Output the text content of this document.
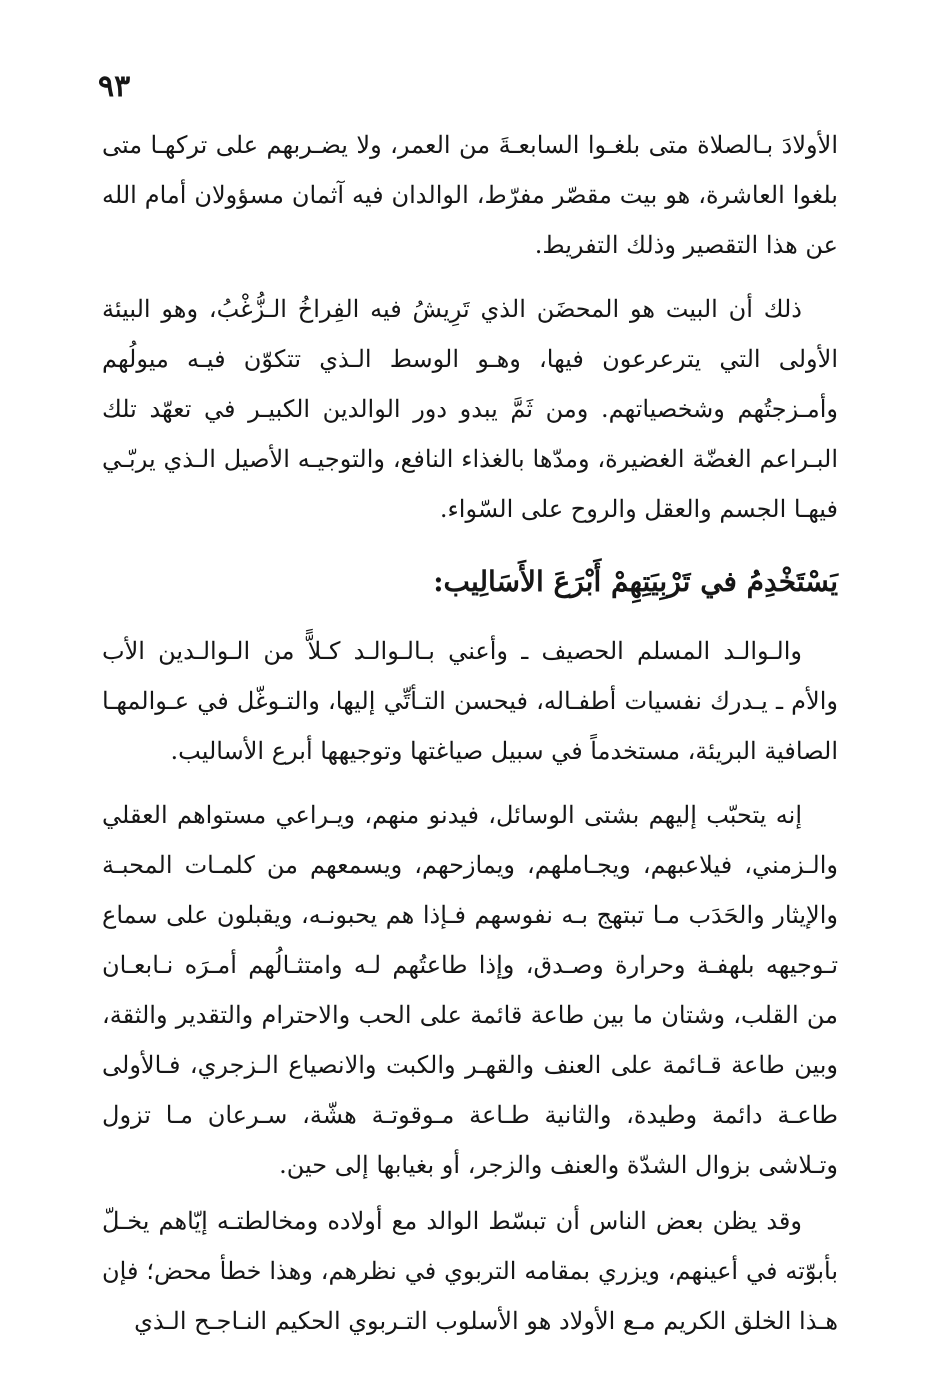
٩٣

الأولادَ بـالصلاة متى بلغـوا السابعـةَ من العمر، ولا يضـربهم على تركهـا متى بلغوا العاشرة، هو بيت مقصّر مفرّط، الوالدان فيه آثمان مسؤولان أمام الله عن هذا التقصير وذلك التفريط.

ذلك أن البيت هو المحضَن الذي تَرِيشُ فيه الفِراخُ الـزُّغْبُ، وهو البيئة الأولى التي يترعرعون فيها، وهـو الوسط الـذي تتكوّن فيـه ميولُهم وأمـزجتُهم وشخصياتهم. ومن ثَمَّ يبدو دور الوالدين الكبيـر في تعهّد تلك البـراعم الغضّة الغضيرة، ومدّها بالغذاء النافع، والتوجيـه الأصيل الـذي يربّـي فيهـا الجسم والعقل والروح على السّواء.

يَسْتَخْدِمُ في تَرْبِيَتِهِمْ أَبْرَعَ الأَسَالِيب:

والـوالـد المسلم الحصيف ـ وأعني بـالـوالـد كـلاًّ من الـوالـدين الأب والأم ـ يـدرك نفسيات أطفـاله، فيحسن التـأتِّي إليها، والتـوغّل في عـوالمهـا الصافية البريئة، مستخدماً في سبيل صياغتها وتوجيهها أبرع الأساليب.

إنه يتحبّب إليهم بشتى الوسائل، فيدنو منهم، ويـراعي مستواهم العقلي والـزمني، فيلاعبهم، ويجـاملهم، ويمازحهم، ويسمعهم من كلمـات المحبـة والإيثار والحَدَب مـا تبتهج بـه نفوسهم فـإذا هم يحبونـه، ويقبلون على سماع تـوجيهه بلهفـة وحرارة وصـدق، وإذا طاعتُهم لـه وامتثـالُهم أمـرَه نـابعـان من القلب، وشتان ما بين طاعة قائمة على الحب والاحترام والتقدير والثقة، وبين طاعة قـائمة على العنف والقهـر والكبت والانصياع الـزجري، فـالأولى طاعـة دائمة وطيدة، والثانية طـاعة مـوقوتـة هشّة، سـرعان مـا تزول وتـلاشى بزوال الشدّة والعنف والزجر، أو بغيابها إلى حين.

وقد يظن بعض الناس أن تبسّط الوالد مع أولاده ومخالطتـه إيّاهم يخـلّ بأبوّته في أعينهم، ويزري بمقامه التربوي في نظرهم، وهذا خطأ محض؛ فإن هـذا الخلق الكريم مـع الأولاد هو الأسلوب التـربوي الحكيم النـاجـح الـذي
